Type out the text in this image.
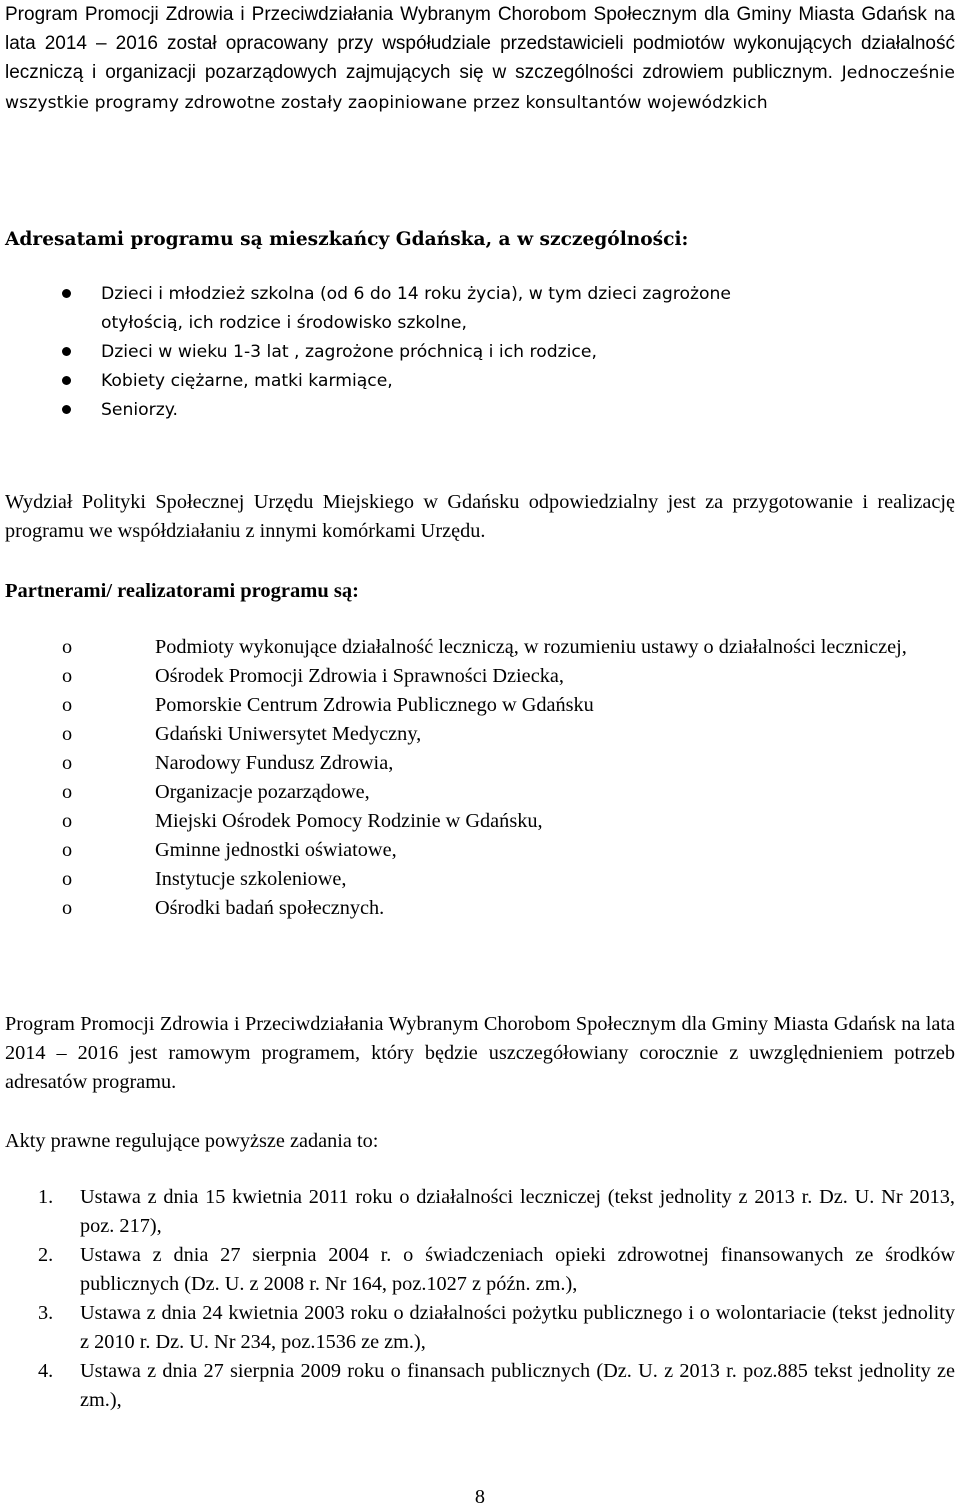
Program Promocji Zdrowia i Przeciwdziałania Wybranym Chorobom Społecznym dla Gminy Miasta Gdańsk na lata 2014 – 2016 został opracowany przy współudziale przedstawicieli podmiotów wykonujących działalność leczniczą i organizacji pozarządowych zajmujących się w szczególności zdrowiem publicznym. Jednocześnie wszystkie programy zdrowotne zostały zaopiniowane przez konsultantów wojewódzkich

Adresatami programu są mieszkańcy Gdańska, a w szczególności:

Dzieci i młodzież szkolna (od 6 do 14 roku życia), w tym dzieci zagrożone otyłością, ich rodzice i środowisko szkolne,
Dzieci w wieku 1-3 lat , zagrożone próchnicą i ich rodzice,
Kobiety ciężarne, matki karmiące,
Seniorzy.

Wydział Polityki Społecznej Urzędu Miejskiego w Gdańsku odpowiedzialny jest za przygotowanie i realizację programu we współdziałaniu z innymi komórkami Urzędu.

Partnerami/ realizatorami programu są:

o	Podmioty wykonujące działalność leczniczą, w rozumieniu ustawy o działalności leczniczej,
o	Ośrodek Promocji Zdrowia i Sprawności Dziecka,
o	Pomorskie Centrum Zdrowia Publicznego w Gdańsku
o	Gdański Uniwersytet Medyczny,
o	Narodowy Fundusz Zdrowia,
o	Organizacje pozarządowe,
o	Miejski Ośrodek Pomocy Rodzinie w Gdańsku,
o	Gminne jednostki oświatowe,
o	Instytucje szkoleniowe,
o	Ośrodki badań społecznych.

Program Promocji Zdrowia i Przeciwdziałania Wybranym Chorobom Społecznym dla Gminy Miasta Gdańsk na lata 2014 – 2016 jest ramowym programem, który będzie uszczegółowiany corocznie z uwzględnieniem potrzeb adresatów programu.

Akty prawne regulujące powyższe zadania to:

1. Ustawa z dnia 15 kwietnia 2011 roku o działalności leczniczej (tekst jednolity z 2013 r. Dz. U. Nr 2013, poz. 217),
2. Ustawa z dnia 27 sierpnia 2004 r. o świadczeniach opieki zdrowotnej finansowanych ze środków publicznych (Dz. U. z 2008 r. Nr 164, poz.1027 z późn. zm.),
3. Ustawa z dnia 24 kwietnia 2003 roku o działalności pożytku publicznego i o wolontariacie (tekst jednolity z 2010 r. Dz. U. Nr 234, poz.1536 ze zm.),
4. Ustawa z dnia 27 sierpnia 2009 roku o finansach publicznych (Dz. U. z 2013 r. poz.885 tekst jednolity ze zm.),

8
